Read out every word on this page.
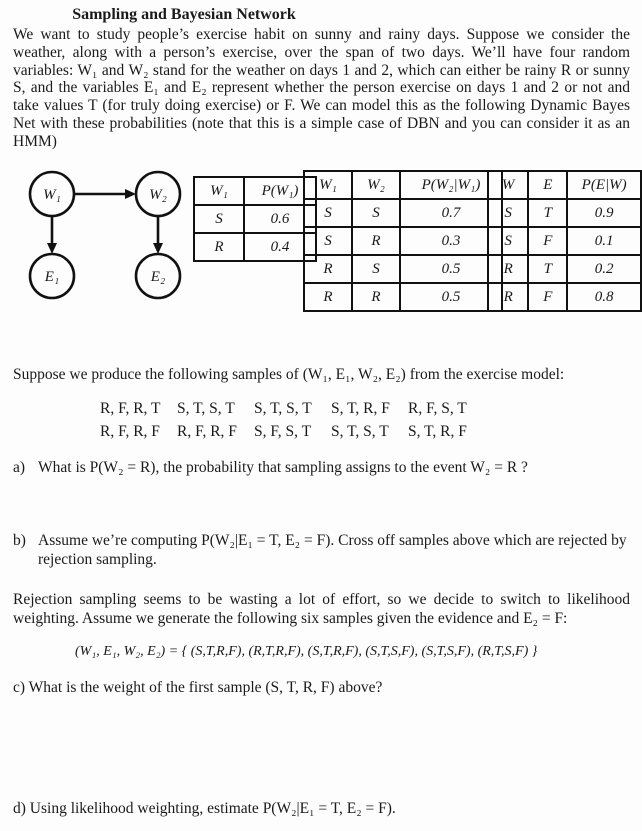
Sampling and Bayesian Network
We want to study people’s exercise habit on sunny and rainy days. Suppose we consider the weather, along with a person’s exercise, over the span of two days. We’ll have four random variables: W₁ and W₂ stand for the weather on days 1 and 2, which can either be rainy R or sunny S, and the variables E₁ and E₂ represent whether the person exercise on days 1 and 2 or not and take values T (for truly doing exercise) or F. We can model this as the following Dynamic Bayes Net with these probabilities (note that this is a simple case of DBN and you can consider it as an HMM)
W₁	W₂
E₁	E₂
W₁	P(W₁)
S	0.6
R	0.4
W₁	W₂	P(W₂|W₁)
S	S	0.7
S	R	0.3
R	S	0.5
R	R	0.5
W	E	P(E|W)
S	T	0.9
S	F	0.1
R	T	0.2
R	F	0.8
Suppose we produce the following samples of (W₁, E₁, W₂, E₂) from the exercise model:
R, F, R, T	S, T, S, T	S, T, S, T	S, T, R, F	R, F, S, T
R, F, R, F	R, F, R, F	S, F, S, T	S, T, S, T	S, T, R, F
a) What is P(W₂ = R), the probability that sampling assigns to the event W₂ = R ?
b) Assume we’re computing P(W₂|E₁ = T, E₂ = F). Cross off samples above which are rejected by rejection sampling.
Rejection sampling seems to be wasting a lot of effort, so we decide to switch to likelihood weighting. Assume we generate the following six samples given the evidence and E₂ = F:
(W₁, E₁, W₂, E₂) = { (S,T,R,F), (R,T,R,F), (S,T,R,F), (S,T,S,F), (S,T,S,F), (R,T,S,F) }
c) What is the weight of the first sample (S, T, R, F) above?
d) Using likelihood weighting, estimate P(W₂|E₁ = T, E₂ = F).
